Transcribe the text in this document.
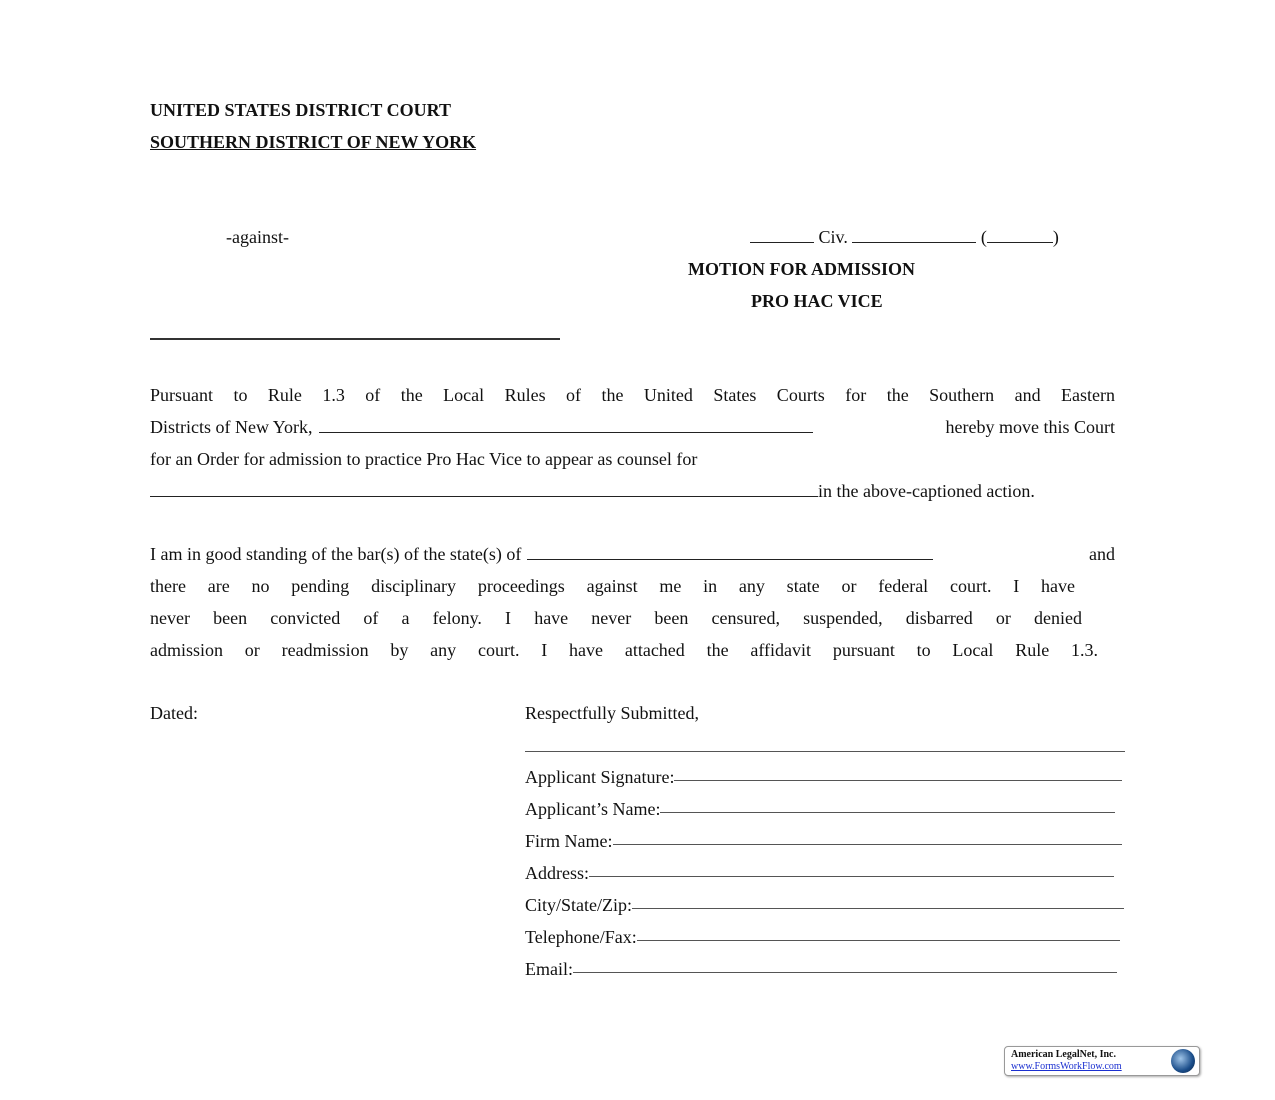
UNITED STATES DISTRICT COURT
SOUTHERN DISTRICT OF NEW YORK
-against-	Civ.	(	)
MOTION FOR ADMISSION
PRO HAC VICE
Pursuant to Rule 1.3 of the Local Rules of the United States Courts for the Southern and Eastern
Districts of New York,	hereby move this Court
for an Order for admission to practice Pro Hac Vice to appear as counsel for
in the above-captioned action.
I am in good standing of the bar(s) of the state(s) of	and
there are no pending disciplinary proceedings against me in any state or federal court. I have
never been convicted of a felony. I have never been censured, suspended, disbarred or denied
admission or readmission by any court. I have attached the affidavit pursuant to Local Rule 1.3.
Dated:	Respectfully Submitted,
Applicant Signature:
Applicant’s Name:
Firm Name:
Address:
City/State/Zip:
Telephone/Fax:
Email:
American LegalNet, Inc.
www.FormsWorkFlow.com
